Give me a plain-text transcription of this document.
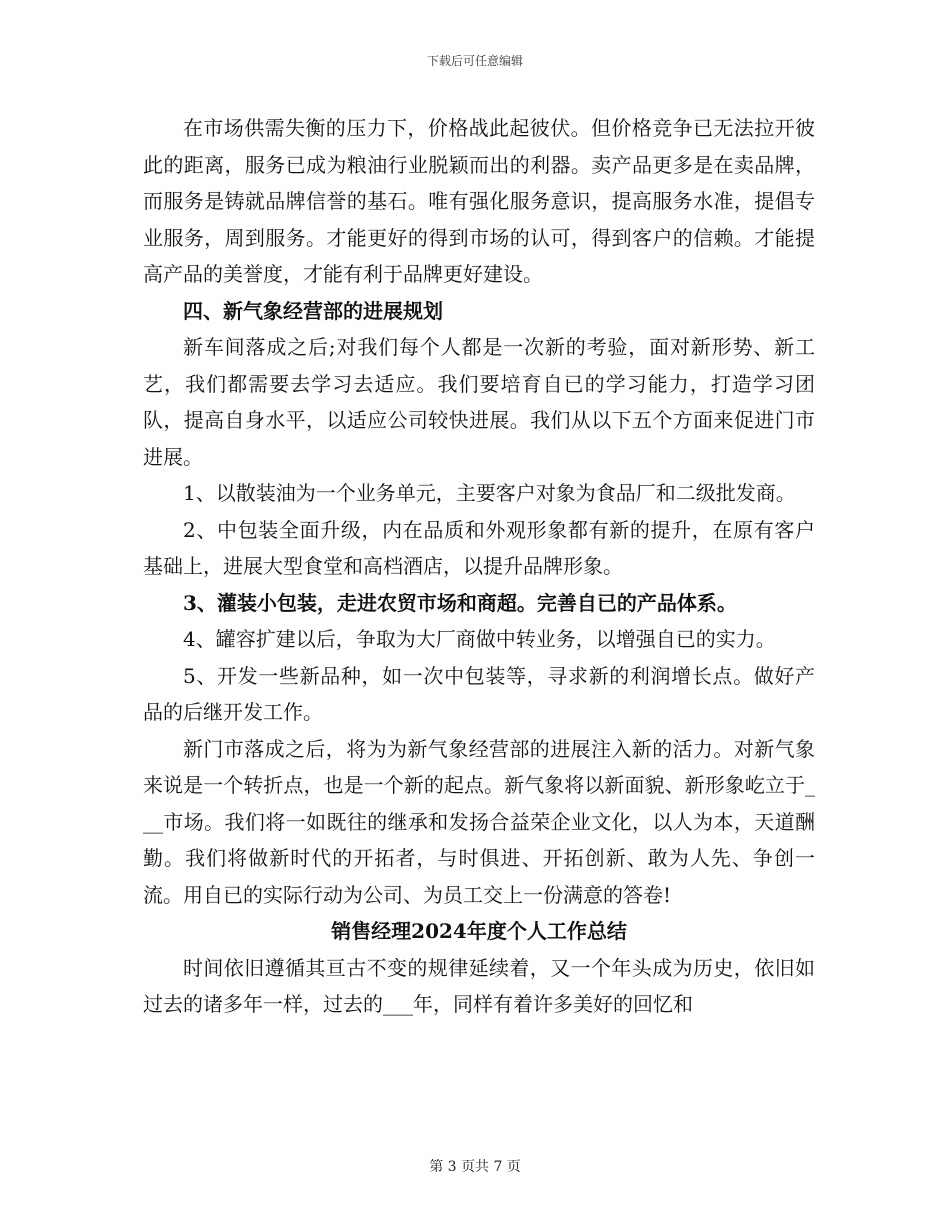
下载后可任意编辑

在市场供需失衡的压力下，价格战此起彼伏。但价格竞争已无法拉开彼此的距离，服务已成为粮油行业脱颖而出的利器。卖产品更多是在卖品牌，而服务是铸就品牌信誉的基石。唯有强化服务意识，提高服务水准，提倡专业服务，周到服务。才能更好的得到市场的认可，得到客户的信赖。才能提高产品的美誉度，才能有利于品牌更好建设。

四、新气象经营部的进展规划

新车间落成之后;对我们每个人都是一次新的考验，面对新形势、新工艺，我们都需要去学习去适应。我们要培育自已的学习能力，打造学习团队，提高自身水平，以适应公司较快进展。我们从以下五个方面来促进门市进展。

1、以散装油为一个业务单元，主要客户对象为食品厂和二级批发商。

2、中包装全面升级，内在品质和外观形象都有新的提升，在原有客户基础上，进展大型食堂和高档酒店，以提升品牌形象。

3、灌装小包装，走进农贸市场和商超。完善自已的产品体系。

4、罐容扩建以后，争取为大厂商做中转业务，以增强自已的实力。

5、开发一些新品种，如一次中包装等，寻求新的利润增长点。做好产品的后继开发工作。

新门市落成之后，将为为新气象经营部的进展注入新的活力。对新气象来说是一个转折点，也是一个新的起点。新气象将以新面貌、新形象屹立于___市场。我们将一如既往的继承和发扬合益荣企业文化，以人为本，天道酬勤。我们将做新时代的开拓者，与时俱进、开拓创新、敢为人先、争创一流。用自已的实际行动为公司、为员工交上一份满意的答卷!

销售经理2024年度个人工作总结

时间依旧遵循其亘古不变的规律延续着，又一个年头成为历史，依旧如过去的诸多年一样，过去的___年，同样有着许多美好的回忆和

第 3 页共 7 页
